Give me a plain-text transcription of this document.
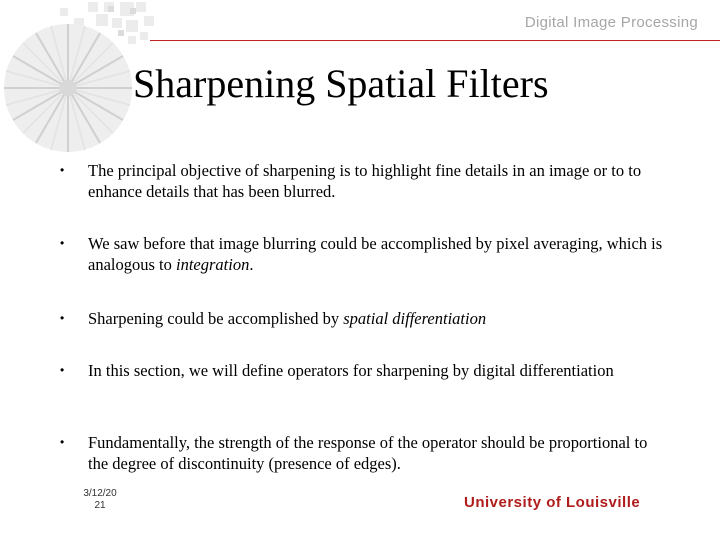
Digital Image Processing
Sharpening Spatial Filters
•	The principal objective of sharpening is to highlight fine details in an image or to to enhance details that has been blurred.
•	We saw before that image blurring could be accomplished by pixel averaging, which is analogous to integration.
•	Sharpening could be accomplished by spatial differentiation
•	In this section, we will define operators for sharpening by digital differentiation
•	Fundamentally, the strength of the response of the operator should be proportional to the degree of discontinuity (presence of edges).
3/12/20
21	University of Louisville
